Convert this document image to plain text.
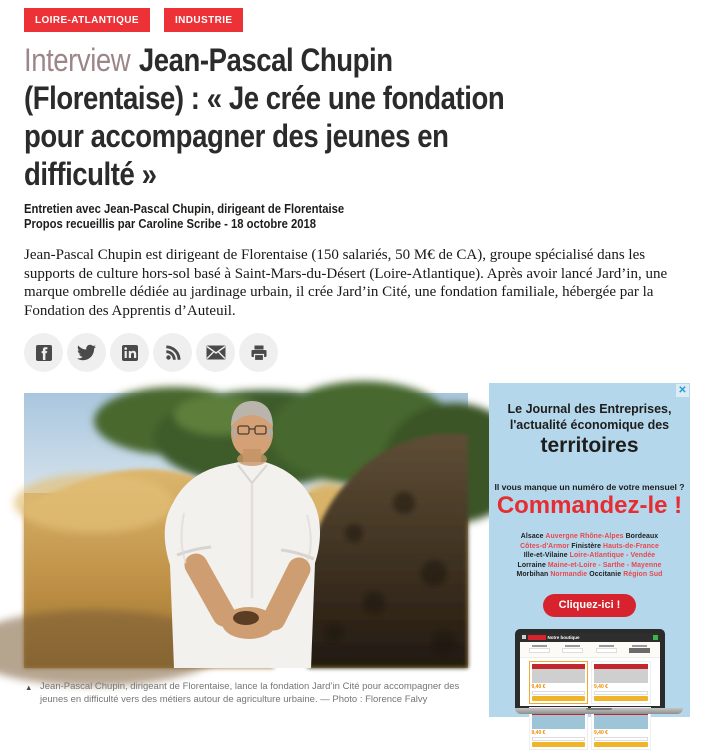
LOIRE-ATLANTIQUE	INDUSTRIE
Interview Jean-Pascal Chupin
(Florentaise) : « Je crée une fondation
pour accompagner des jeunes en
difficulté »
Entretien avec Jean-Pascal Chupin, dirigeant de Florentaise
Propos recueillis par Caroline Scribe - 18 octobre 2018

Jean-Pascal Chupin est dirigeant de Florentaise (150 salariés, 50 M€ de CA), groupe spécialisé dans les supports de culture hors-sol basé à Saint-Mars-du-Désert (Loire-Atlantique). Après avoir lancé Jard’in, une marque ombrelle dédiée au jardinage urbain, il crée Jard’in Cité, une fondation familiale, hébergée par la Fondation des Apprentis d’Auteuil.

▲ Jean-Pascal Chupin, dirigeant de Florentaise, lance la fondation Jard’in Cité pour accompagner des jeunes en difficulté vers des métiers autour de agriculture urbaine. — Photo : Florence Falvy
✕
Le Journal des Entreprises,
l'actualité économique des
territoires
Il vous manque un numéro de votre mensuel ?
Commandez-le !
Alsace Auvergne Rhône-Alpes Bordeaux
Côtes-d'Armor Finistère Hauts-de-France
Ille-et-Vilaine Loire-Atlantique - Vendée
Lorraine Maine-et-Loire - Sarthe - Mayenne
Morbihan Normandie Occitanie Région Sud
Cliquez-ici !
Notre boutique
9,40 €	9,40 €
9,40 €	9,40 €
